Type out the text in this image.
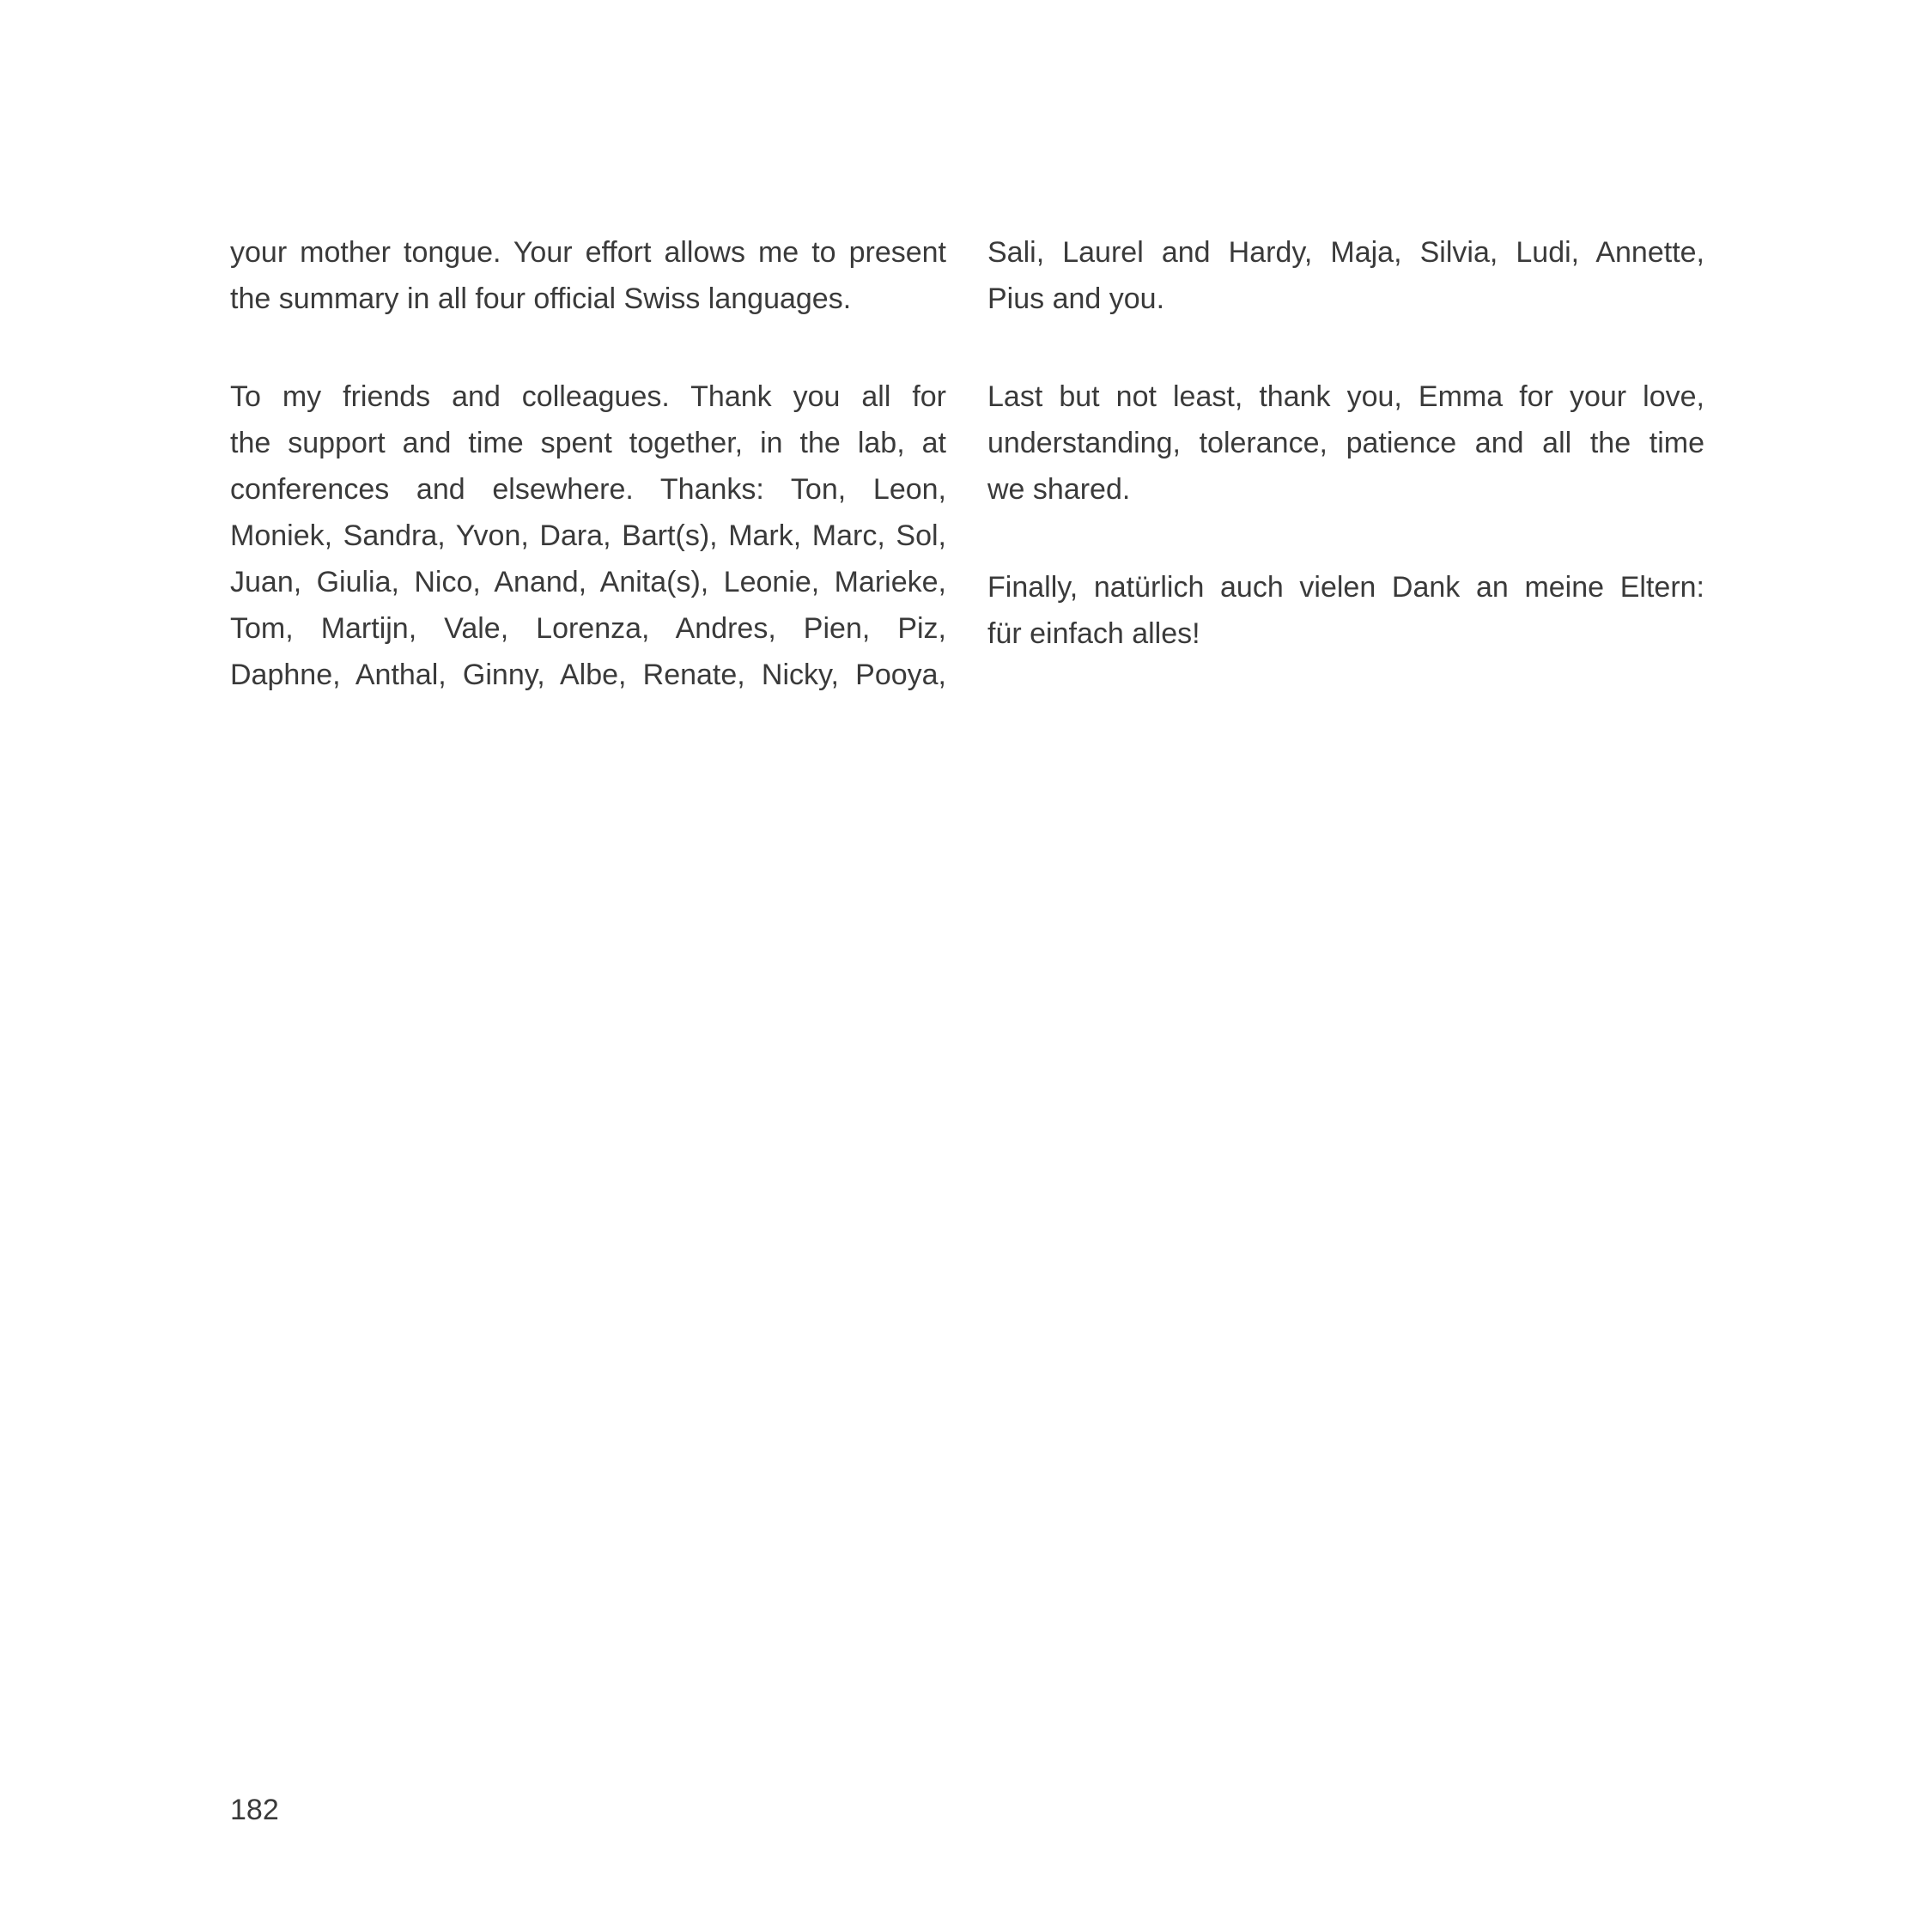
your mother tongue. Your effort allows me to present
the summary in all four official Swiss languages.
To my friends and colleagues. Thank you all for
the support and time spent together, in the lab, at
conferences and elsewhere. Thanks: Ton, Leon,
Moniek, Sandra, Yvon, Dara, Bart(s), Mark, Marc, Sol,
Juan, Giulia, Nico, Anand, Anita(s), Leonie, Marieke,
Tom, Martijn, Vale, Lorenza, Andres, Pien, Piz,
Daphne, Anthal, Ginny, Albe, Renate, Nicky, Pooya,
Sali, Laurel and Hardy, Maja, Silvia, Ludi, Annette,
Pius and you.
Last but not least, thank you, Emma for your love,
understanding, tolerance, patience and all the time
we shared.
Finally, natürlich auch vielen Dank an meine Eltern:
für einfach alles!
182
